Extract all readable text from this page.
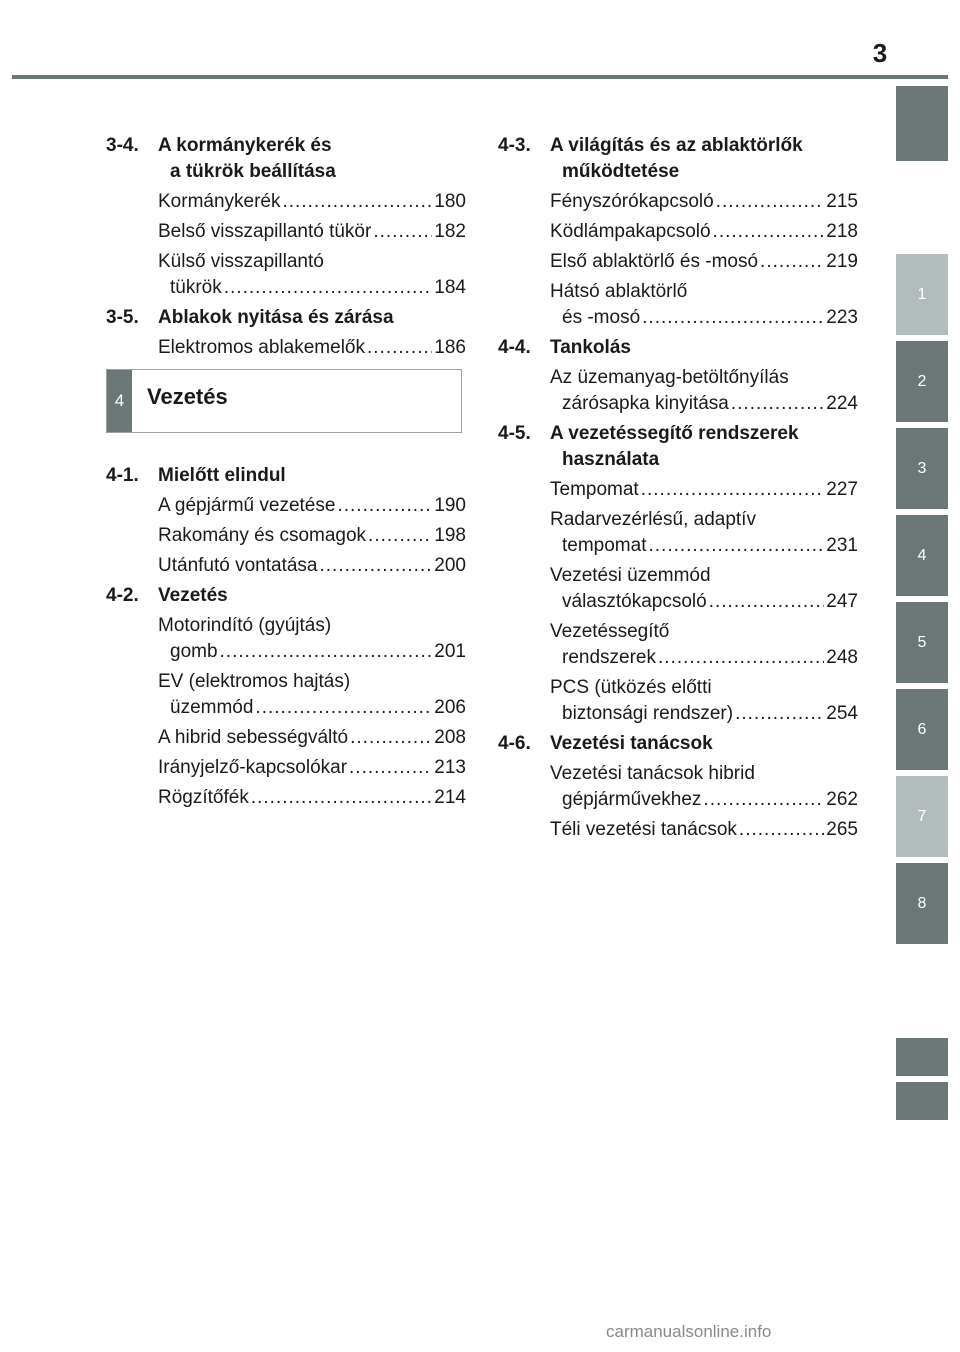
3
1
2
3
4
5
6
7
8
3-4.	A kormánykerék és
a tükrök beállítása
Kormánykerék .....	180
Belső visszapillantó tükör .....	182
Külső visszapillantó
tükrök .....	184
3-5.	Ablakok nyitása és zárása
Elektromos ablakemelők .....	186
4	Vezetés
4-1.	Mielőtt elindul
A gépjármű vezetése .....	190
Rakomány és csomagok .....	198
Utánfutó vontatása .....	200
4-2.	Vezetés
Motorindító (gyújtás)
gomb .....	201
EV (elektromos hajtás)
üzemmód .....	206
A hibrid sebességváltó .....	208
Irányjelző-kapcsolókar .....	213
Rögzítőfék .....	214
4-3.	A világítás és az ablaktörlők
működtetése
Fényszórókapcsoló .....	215
Ködlámpakapcsoló .....	218
Első ablaktörlő és -mosó .....	219
Hátsó ablaktörlő
és -mosó .....	223
4-4.	Tankolás
Az üzemanyag-betöltőnyílás
zárósapka kinyitása .....	224
4-5.	A vezetéssegítő rendszerek
használata
Tempomat .....	227
Radarvezérlésű, adaptív
tempomat .....	231
Vezetési üzemmód
választókapcsoló .....	247
Vezetéssegítő
rendszerek .....	248
PCS (ütközés előtti
biztonsági rendszer) .....	254
4-6.	Vezetési tanácsok
Vezetési tanácsok hibrid
gépjárművekhez .....	262
Téli vezetési tanácsok .....	265
carmanualsonline.info
